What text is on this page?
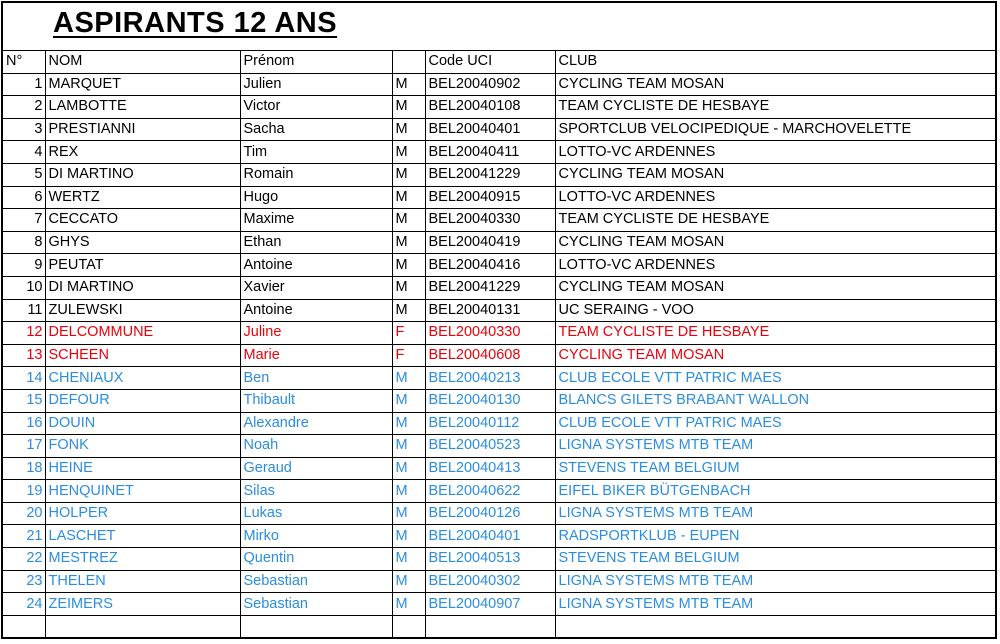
ASPIRANTS 12 ANS
N°	NOM	Prénom		Code UCI	CLUB
1	MARQUET	Julien	M	BEL20040902	CYCLING TEAM MOSAN
2	LAMBOTTE	Victor	M	BEL20040108	TEAM CYCLISTE DE HESBAYE
3	PRESTIANNI	Sacha	M	BEL20040401	SPORTCLUB VELOCIPEDIQUE - MARCHOVELETTE
4	REX	Tim	M	BEL20040411	LOTTO-VC ARDENNES
5	DI MARTINO	Romain	M	BEL20041229	CYCLING TEAM MOSAN
6	WERTZ	Hugo	M	BEL20040915	LOTTO-VC ARDENNES
7	CECCATO	Maxime	M	BEL20040330	TEAM CYCLISTE DE HESBAYE
8	GHYS	Ethan	M	BEL20040419	CYCLING TEAM MOSAN
9	PEUTAT	Antoine	M	BEL20040416	LOTTO-VC ARDENNES
10	DI MARTINO	Xavier	M	BEL20041229	CYCLING TEAM MOSAN
11	ZULEWSKI	Antoine	M	BEL20040131	UC SERAING - VOO
12	DELCOMMUNE	Juline	F	BEL20040330	TEAM CYCLISTE DE HESBAYE
13	SCHEEN	Marie	F	BEL20040608	CYCLING TEAM MOSAN
14	CHENIAUX	Ben	M	BEL20040213	CLUB ECOLE VTT PATRIC MAES
15	DEFOUR	Thibault	M	BEL20040130	BLANCS GILETS BRABANT WALLON
16	DOUIN	Alexandre	M	BEL20040112	CLUB ECOLE VTT PATRIC MAES
17	FONK	Noah	M	BEL20040523	LIGNA SYSTEMS MTB TEAM
18	HEINE	Geraud	M	BEL20040413	STEVENS TEAM BELGIUM
19	HENQUINET	Silas	M	BEL20040622	EIFEL BIKER BÜTGENBACH
20	HOLPER	Lukas	M	BEL20040126	LIGNA SYSTEMS MTB TEAM
21	LASCHET	Mirko	M	BEL20040401	RADSPORTKLUB - EUPEN
22	MESTREZ	Quentin	M	BEL20040513	STEVENS TEAM BELGIUM
23	THELEN	Sebastian	M	BEL20040302	LIGNA SYSTEMS MTB TEAM
24	ZEIMERS	Sebastian	M	BEL20040907	LIGNA SYSTEMS MTB TEAM
